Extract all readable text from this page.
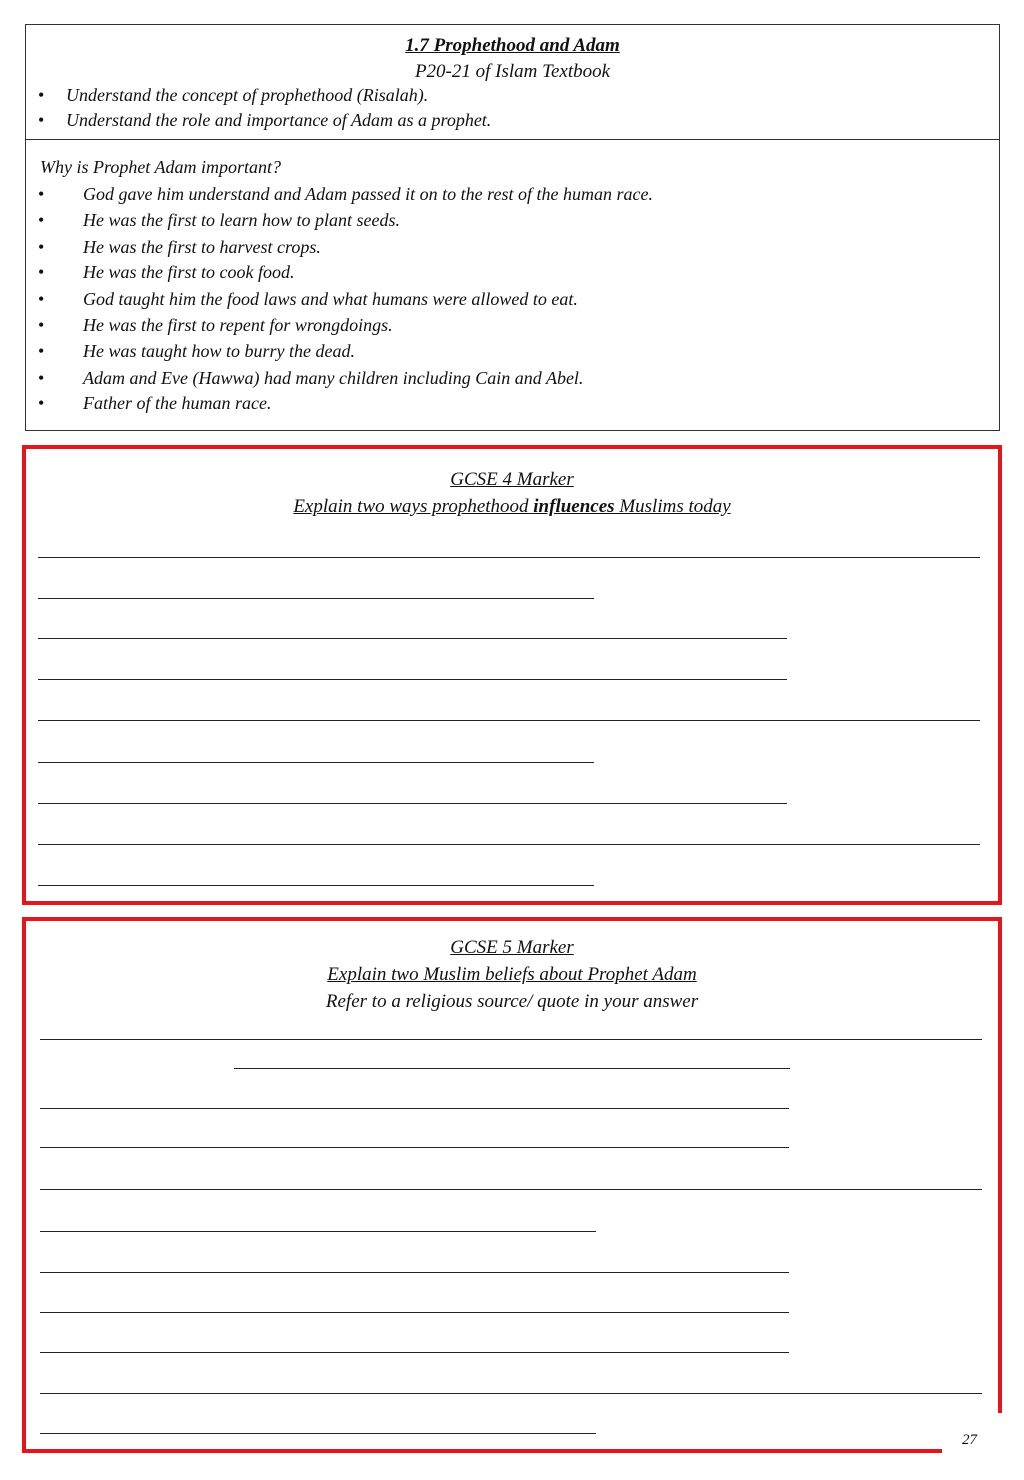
1.7 Prophethood and Adam
P20-21 of Islam Textbook
• Understand the concept of prophethood (Risalah).
• Understand the role and importance of Adam as a prophet.
Why is Prophet Adam important?
• God gave him understand and Adam passed it on to the rest of the human race.
• He was the first to learn how to plant seeds.
• He was the first to harvest crops.
• He was the first to cook food.
• God taught him the food laws and what humans were allowed to eat.
• He was the first to repent for wrongdoings.
• He was taught how to burry the dead.
• Adam and Eve (Hawwa) had many children including Cain and Abel.
• Father of the human race.
GCSE 4 Marker
Explain two ways prophethood influences Muslims today
GCSE 5 Marker
Explain two Muslim beliefs about Prophet Adam
Refer to a religious source/ quote in your answer
27
